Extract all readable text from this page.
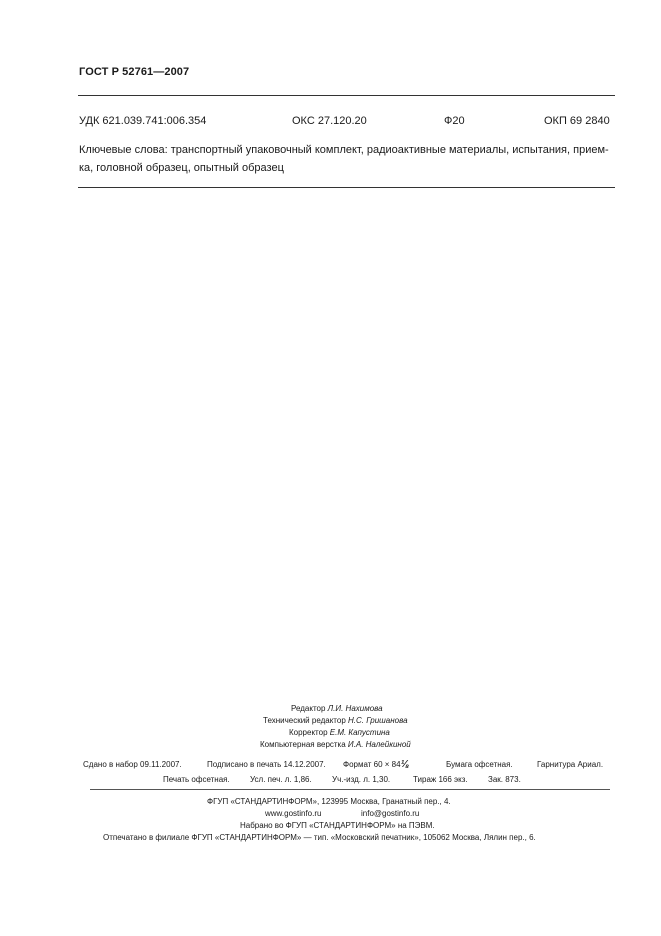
ГОСТ Р 52761—2007
УДК 621.039.741:006.354	ОКС 27.120.20	Ф20	ОКП 69 2840
Ключевые слова: транспортный упаковочный комплект, радиоактивные материалы, испытания, прием-
ка, головной образец, опытный образец
Редактор Л.И. Нахимова
Технический редактор Н.С. Гришанова
Корректор Е.М. Капустина
Компьютерная верстка И.А. Налейкиной
Сдано в набор 09.11.2007.	Подписано в печать 14.12.2007. Формат 60 × 84⅛	Бумага офсетная.	Гарнитура Ариал.
Печать офсетная.	Усл. печ. л. 1,86.	Уч.-изд. л. 1,30.	Тираж 166 экз.	Зак. 873.
ФГУП «СТАНДАРТИНФОРМ», 123995 Москва, Гранатный пер., 4.
www.gostinfo.ru	info@gostinfo.ru
Набрано во ФГУП «СТАНДАРТИНФОРМ» на ПЭВМ.
Отпечатано в филиале ФГУП «СТАНДАРТИНФОРМ» — тип. «Московский печатник», 105062 Москва, Лялин пер., 6.
